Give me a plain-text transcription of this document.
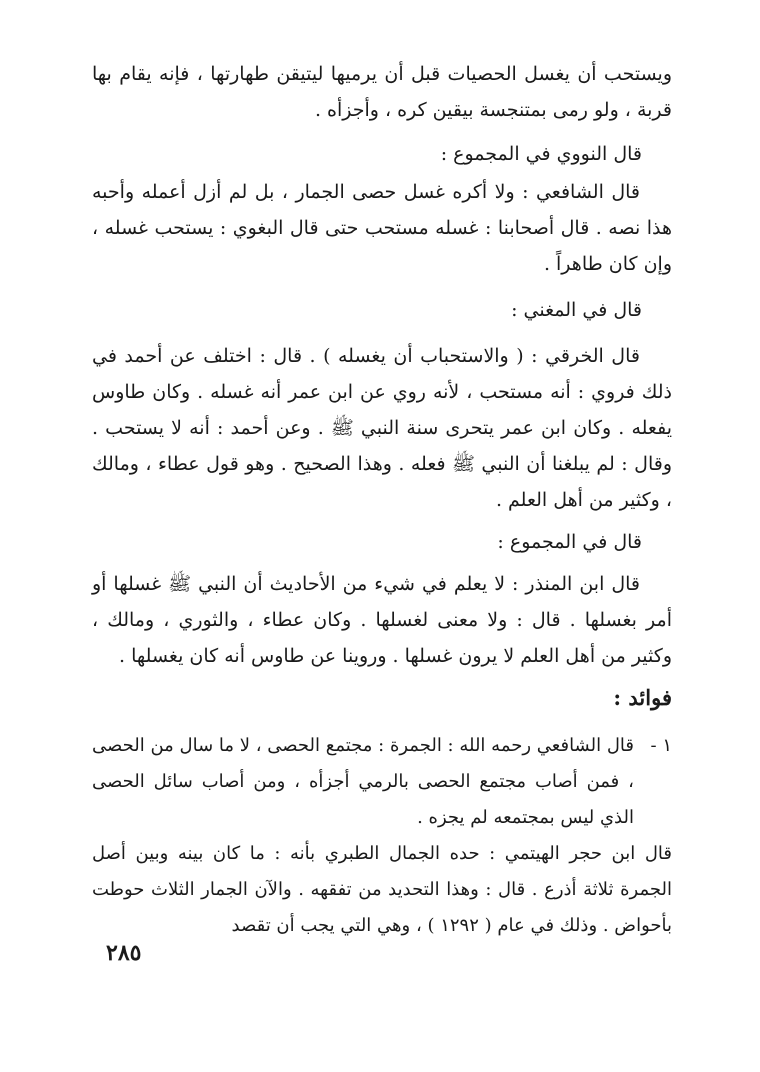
ويستحب أن يغسل الحصيات قبل أن يرميها ليتيقن طهارتها ، فإنه يقام بها قربة ، ولو رمى بمتنجسة بيقين كره ، وأجزأه .

قال النووي في المجموع :

قال الشافعي : ولا أكره غسل حصى الجمار ، بل لم أزل أعمله وأحبه هذا نصه . قال أصحابنا : غسله مستحب حتى قال البغوي : يستحب غسله ، وإن كان طاهراً .

قال في المغني :

قال الخرقي : ( والاستحباب أن يغسله ) . قال : اختلف عن أحمد في ذلك فروي : أنه مستحب ، لأنه روي عن ابن عمر أنه غسله . وكان طاوس يفعله . وكان ابن عمر يتحرى سنة النبي ﷺ . وعن أحمد : أنه لا يستحب . وقال : لم يبلغنا أن النبي ﷺ فعله . وهذا الصحيح . وهو قول عطاء ، ومالك ، وكثير من أهل العلم .

قال في المجموع :

قال ابن المنذر : لا يعلم في شيء من الأحاديث أن النبي ﷺ غسلها أو أمر بغسلها . قال : ولا معنى لغسلها . وكان عطاء ، والثوري ، ومالك ، وكثير من أهل العلم لا يرون غسلها . وروينا عن طاوس أنه كان يغسلها .

فوائد :
١ -
قال الشافعي رحمه الله : الجمرة : مجتمع الحصى ، لا ما سال من الحصى ، فمن أصاب مجتمع الحصى بالرمي أجزأه ، ومن أصاب سائل الحصى الذي ليس بمجتمعه لم يجزه .
قال ابن حجر الهيتمي : حده الجمال الطبري بأنه : ما كان بينه وبين أصل الجمرة ثلاثة أذرع . قال : وهذا التحديد من تفقهه . والآن الجمار الثلاث حوطت بأحواض . وذلك في عام ( ١٢٩٢ ) ، وهي التي يجب أن تقصد
٢٨٥
